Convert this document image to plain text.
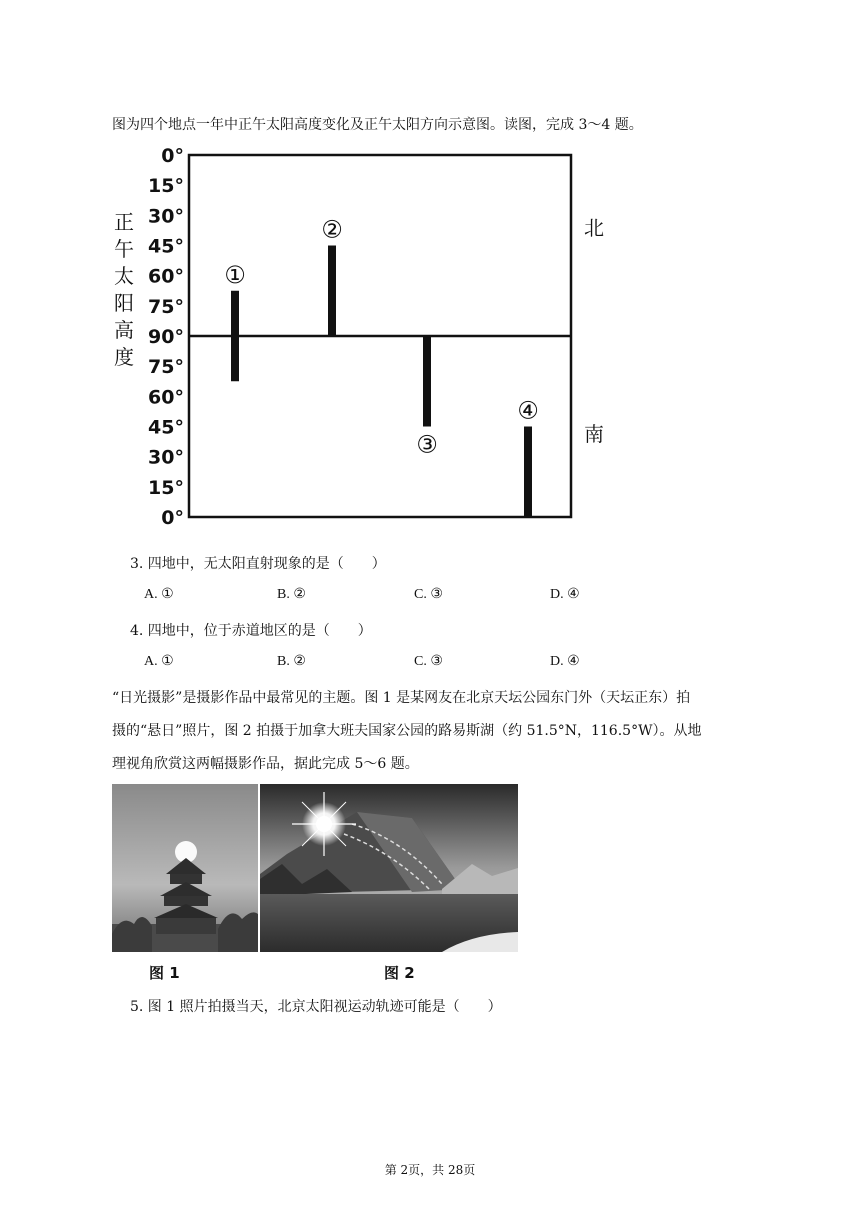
图为四个地点一年中正午太阳高度变化及正午太阳方向示意图。读图，完成 3～4 题。
0°
15°
30°
45°
60°
75°
90°
75°
60°
45°
30°
15°
0°
正
午
太
阳
高
度
①
②
③
④
北
南
3. 四地中，无太阳直射现象的是（　　）
A. ①	B. ②	C. ③	D. ④
4. 四地中，位于赤道地区的是（　　）
A. ①	B. ②	C. ③	D. ④
“日光摄影”是摄影作品中最常见的主题。图 1 是某网友在北京天坛公园东门外（天坛正东）拍
摄的“悬日”照片，图 2 拍摄于加拿大班夫国家公园的路易斯湖（约 51.5°N，116.5°W）。从地
理视角欣赏这两幅摄影作品，据此完成 5～6 题。
图 1	图 2
5. 图 1 照片拍摄当天，北京太阳视运动轨迹可能是（　　）
第 2页，共 28页
